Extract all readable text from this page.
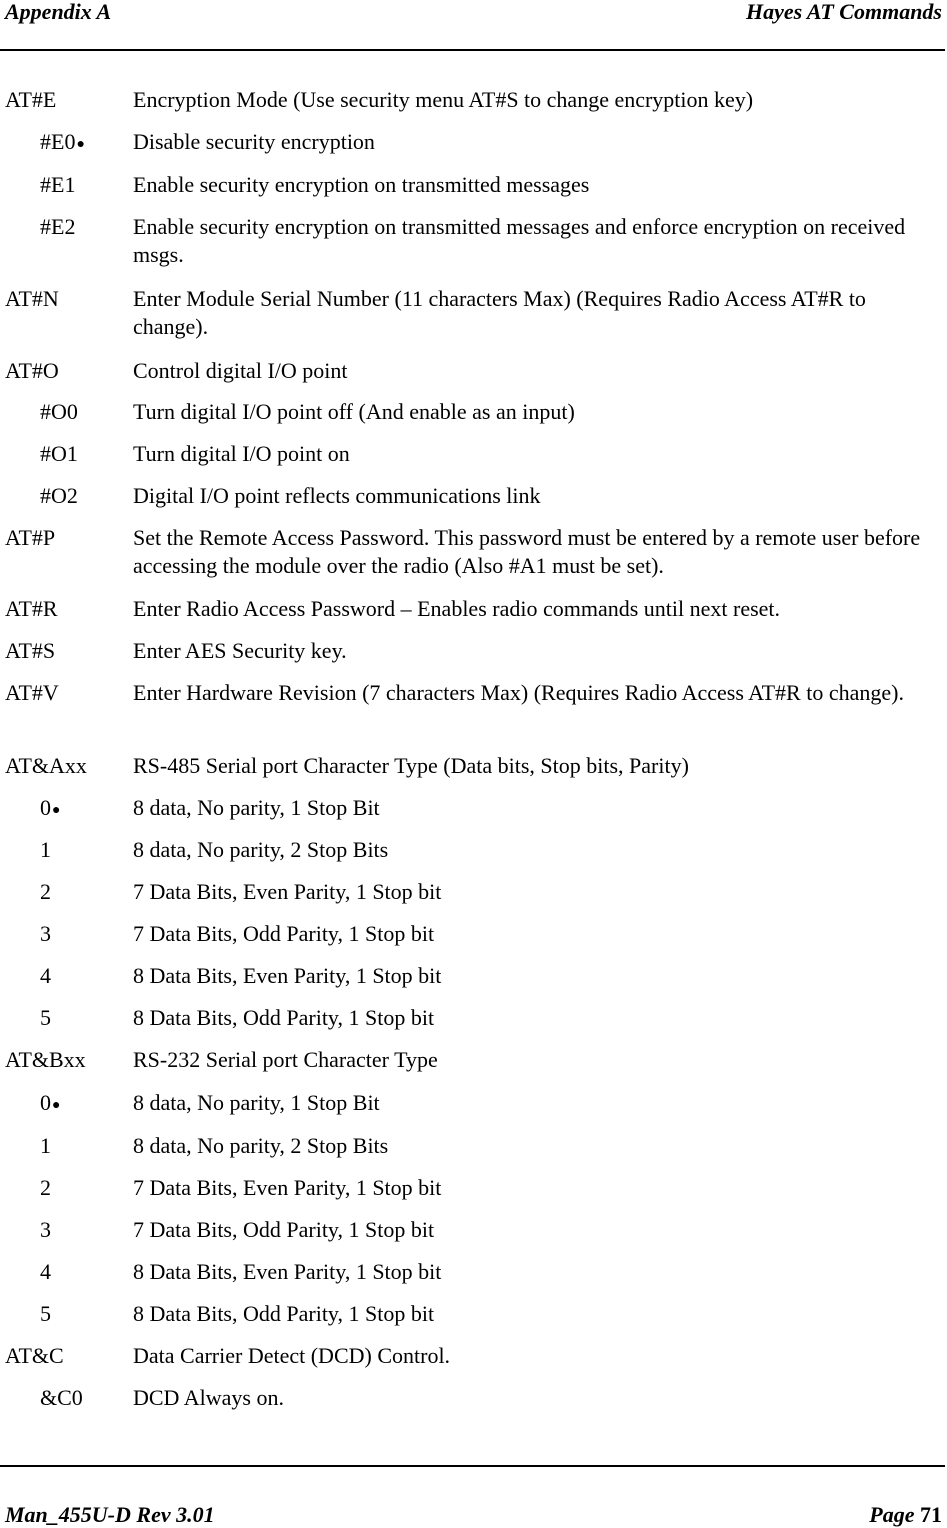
Appendix A	Hayes AT Commands
AT#E	Encryption Mode (Use security menu AT#S to change encryption key)
#E0● Disable security encryption
#E1	Enable security encryption on transmitted messages
#E2	Enable security encryption on transmitted messages and enforce encryption on received msgs.
AT#N	Enter Module Serial Number (11 characters Max) (Requires Radio Access AT#R to change).
AT#O	Control digital I/O point
#O0	Turn digital I/O point off (And enable as an input)
#O1	Turn digital I/O point on
#O2	Digital I/O point reflects communications link
AT#P	Set the Remote Access Password. This password must be entered by a remote user before accessing the module over the radio (Also #A1 must be set).
AT#R	Enter Radio Access Password – Enables radio commands until next reset.
AT#S	Enter AES Security key.
AT#V	Enter Hardware Revision (7 characters Max) (Requires Radio Access AT#R to change).
AT&Axx RS-485 Serial port Character Type (Data bits, Stop bits, Parity)
0●	8 data, No parity, 1 Stop Bit
1	8 data, No parity, 2 Stop Bits
2	7 Data Bits, Even Parity, 1 Stop bit
3	7 Data Bits, Odd Parity, 1 Stop bit
4	8 Data Bits, Even Parity, 1 Stop bit
5	8 Data Bits, Odd Parity, 1 Stop bit
AT&Bxx RS-232 Serial port Character Type
0●	8 data, No parity, 1 Stop Bit
1	8 data, No parity, 2 Stop Bits
2	7 Data Bits, Even Parity, 1 Stop bit
3	7 Data Bits, Odd Parity, 1 Stop bit
4	8 Data Bits, Even Parity, 1 Stop bit
5	8 Data Bits, Odd Parity, 1 Stop bit
AT&C	Data Carrier Detect (DCD) Control.
&C0 DCD Always on.
Man_455U-D Rev 3.01	Page 71
